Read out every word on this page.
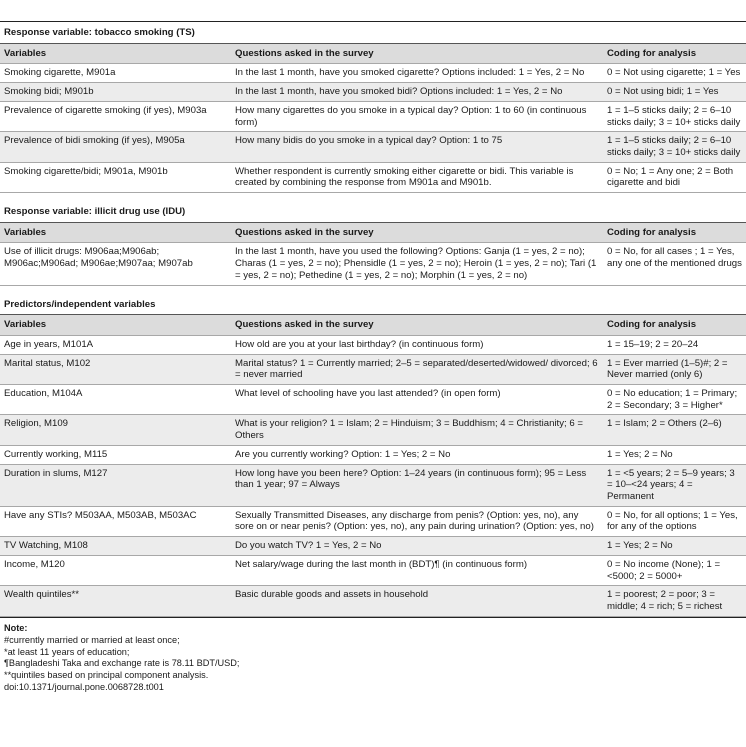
Response variable: tobacco smoking (TS)		
Variables	Questions asked in the survey	Coding for analysis
Smoking cigarette, M901a	In the last 1 month, have you smoked cigarette? Options included: 1 = Yes, 2 = No	0 = Not using cigarette; 1 = Yes
Smoking bidi; M901b	In the last 1 month, have you smoked bidi? Options included: 1 = Yes, 2 = No	0 = Not using bidi; 1 = Yes
Prevalence of cigarette smoking (if yes), M903a	How many cigarettes do you smoke in a typical day? Option: 1 to 60 (in continuous form)	1 = 1–5 sticks daily; 2 = 6–10 sticks daily; 3 = 10+ sticks daily
Prevalence of bidi smoking (if yes), M905a	How many bidis do you smoke in a typical day? Option: 1 to 75	1 = 1–5 sticks daily; 2 = 6–10 sticks daily; 3 = 10+ sticks daily
Smoking cigarette/bidi; M901a, M901b	Whether respondent is currently smoking either cigarette or bidi. This variable is created by combining the response from M901a and M901b.	0 = No; 1 = Any one; 2 = Both cigarette and bidi

Response variable: illicit drug use (IDU)		
Variables	Questions asked in the survey	Coding for analysis
Use of illicit drugs: M906aa;M906ab; M906ac;M906ad; M906ae;M907aa; M907ab	In the last 1 month, have you used the following? Options: Ganja (1 = yes, 2 = no); Charas (1 = yes, 2 = no); Phensidle (1 = yes, 2 = no); Heroin (1 = yes, 2 = no); Tari (1 = yes, 2 = no); Pethedine (1 = yes, 2 = no); Morphin (1 = yes, 2 = no)	0 = No, for all cases ; 1 = Yes, any one of the mentioned drugs

Predictors/independent variables		
Variables	Questions asked in the survey	Coding for analysis
Age in years, M101A	How old are you at your last birthday? (in continuous form)	1 = 15–19; 2 = 20–24
Marital status, M102	Marital status? 1 = Currently married; 2–5 = separated/deserted/widowed/ divorced; 6 = never married	1 = Ever married (1–5)#; 2 = Never married (only 6)
Education, M104A	What level of schooling have you last attended? (in open form)	0 = No education; 1 = Primary; 2 = Secondary; 3 = Higher*
Religion, M109	What is your religion? 1 = Islam; 2 = Hinduism; 3 = Buddhism; 4 = Christianity; 6 = Others	1 = Islam; 2 = Others (2–6)
Currently working, M115	Are you currently working? Option: 1 = Yes; 2 = No	1 = Yes; 2 = No
Duration in slums, M127	How long have you been here? Option: 1–24 years (in continuous form); 95 = Less than 1 year; 97 = Always	1 = <5 years; 2 = 5–9 years; 3 = 10–<24 years; 4 = Permanent
Have any STIs? M503AA, M503AB, M503AC	Sexually Transmitted Diseases, any discharge from penis? (Option: yes, no), any sore on or near penis? (Option: yes, no), any pain during urination? (Option: yes, no)	0 = No, for all options; 1 = Yes, for any of the options
TV Watching, M108	Do you watch TV? 1 = Yes, 2 = No	1 = Yes; 2 = No
Income, M120	Net salary/wage during the last month in (BDT)¶ (in continuous form)	0 = No income (None); 1 = <5000; 2 = 5000+
Wealth quintiles**	Basic durable goods and assets in household	1 = poorest; 2 = poor; 3 = middle; 4 = rich; 5 = richest
Note:
#currently married or married at least once;
*at least 11 years of education;
¶Bangladeshi Taka and exchange rate is 78.11 BDT/USD;
**quintiles based on principal component analysis.
doi:10.1371/journal.pone.0068728.t001
